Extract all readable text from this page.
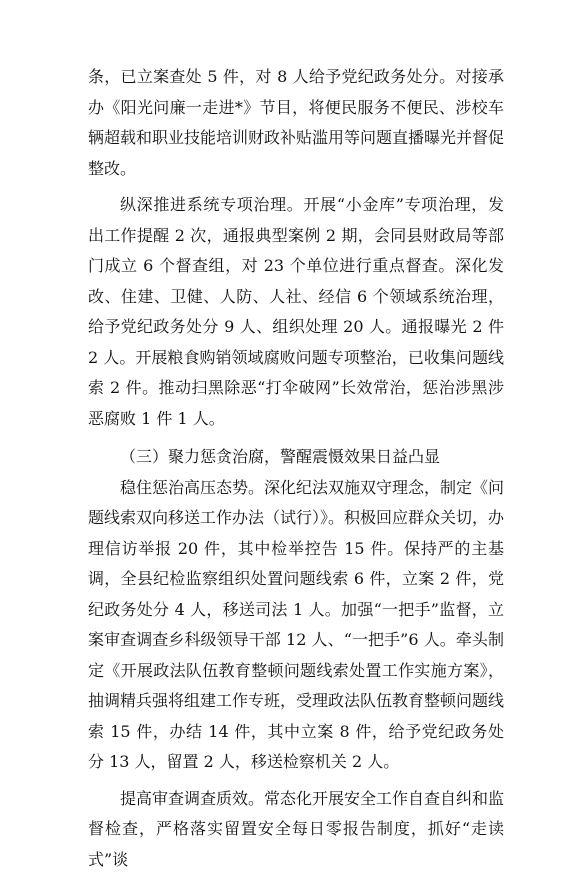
条，已立案查处 5 件，对 8 人给予党纪政务处分。对接承办《阳光问廉一走进*》节目，将便民服务不便民、涉校车辆超载和职业技能培训财政补贴滥用等问题直播曝光并督促整改。

纵深推进系统专项治理。开展“小金库”专项治理，发出工作提醒 2 次，通报典型案例 2 期，会同县财政局等部门成立 6 个督查组，对 23 个单位进行重点督查。深化发改、住建、卫健、人防、人社、经信 6 个领域系统治理，给予党纪政务处分 9 人、组织处理 20 人。通报曝光 2 件 2 人。开展粮食购销领域腐败问题专项整治，已收集问题线索 2 件。推动扫黑除恶“打伞破网”长效常治，惩治涉黑涉恶腐败 1 件 1 人。

（三）聚力惩贪治腐，警醒震慑效果日益凸显

稳住惩治高压态势。深化纪法双施双守理念，制定《问题线索双向移送工作办法（试行）》。积极回应群众关切，办理信访举报 20 件，其中检举控告 15 件。保持严的主基调，全县纪检监察组织处置问题线索 6 件，立案 2 件，党纪政务处分 4 人，移送司法 1 人。加强“一把手”监督，立案审查调查乡科级领导干部 12 人、“一把手”6 人。牵头制定《开展政法队伍教育整顿问题线索处置工作实施方案》，抽调精兵强将组建工作专班，受理政法队伍教育整顿问题线索 15 件，办结 14 件，其中立案 8 件，给予党纪政务处分 13 人，留置 2 人，移送检察机关 2 人。

提高审查调查质效。常态化开展安全工作自查自纠和监督检查，严格落实留置安全每日零报告制度，抓好“走读式”谈
